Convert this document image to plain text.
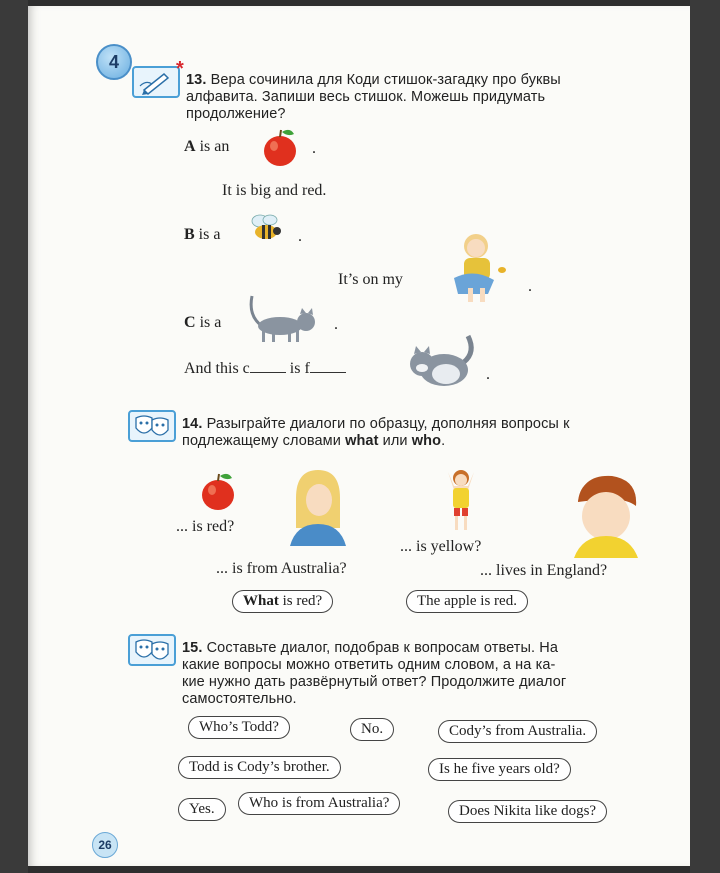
4	* 13. Вера сочинила для Коди стишок-загадку про буквы
алфавита. Запиши весь стишок. Можешь придумать
продолжение?
A is an	.
It is big and red.
B is a	.
It’s on my	.
C is a	.
And this c	is f	.
14. Разыграйте диалоги по образцу, дополняя вопросы к
подлежащему словами what или who.
... is red?
... is yellow?
... is from Australia?	... lives in England?
What is red?	The apple is red.
15. Составьте диалог, подобрав к вопросам ответы. На
какие вопросы можно ответить одним словом, а на ка-
кие нужно дать развёрнутый ответ? Продолжите диалог
самостоятельно.
Who’s Todd?	No.	Cody’s from Australia.
Todd is Cody’s brother.	Is he five years old?
Yes.	Who is from Australia?	Does Nikita like dogs?
26
